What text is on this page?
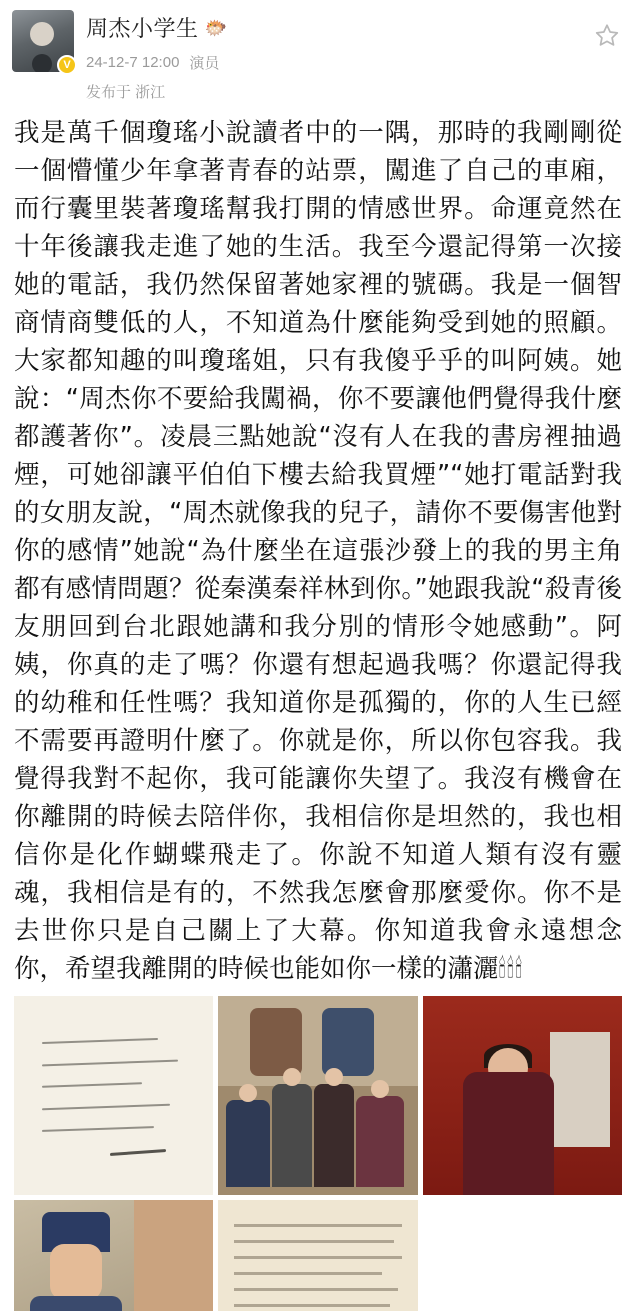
V
周杰小学生 🐡
24-12-7 12:00 演员
发布于 浙江
我是萬千個瓊瑤小說讀者中的一隅，那時的我剛剛從一個懵懂少年拿著青春的站票，闖進了自己的車廂，而行囊里裝著瓊瑤幫我打開的情感世界。命運竟然在十年後讓我走進了她的生活。我至今還記得第一次接她的電話，我仍然保留著她家裡的號碼。我是一個智商情商雙低的人，不知道為什麼能夠受到她的照顧。大家都知趣的叫瓊瑤姐，只有我傻乎乎的叫阿姨。她說：“周杰你不要給我闖禍，你不要讓他們覺得我什麼都護著你”。凌晨三點她說“沒有人在我的書房裡抽過煙，可她卻讓平伯伯下樓去給我買煙”“她打電話對我的女朋友說，“周杰就像我的兒子，請你不要傷害他對你的感情”她說“為什麼坐在這張沙發上的我的男主角都有感情問題？從秦漢秦祥林到你。”她跟我說“殺青後友朋回到台北跟她講和我分別的情形令她感動”。阿姨，你真的走了嗎？你還有想起過我嗎？你還記得我的幼稚和任性嗎？我知道你是孤獨的，你的人生已經不需要再證明什麼了。你就是你，所以你包容我。我覺得我對不起你，我可能讓你失望了。我沒有機會在你離開的時候去陪伴你，我相信你是坦然的，我也相信你是化作蝴蝶飛走了。你說不知道人類有沒有靈魂，我相信是有的，不然我怎麼會那麼愛你。你不是去世你只是自己關上了大幕。你知道我會永遠想念你，希望我離開的時候也能如你一樣的瀟灑🕯🕯🕯
